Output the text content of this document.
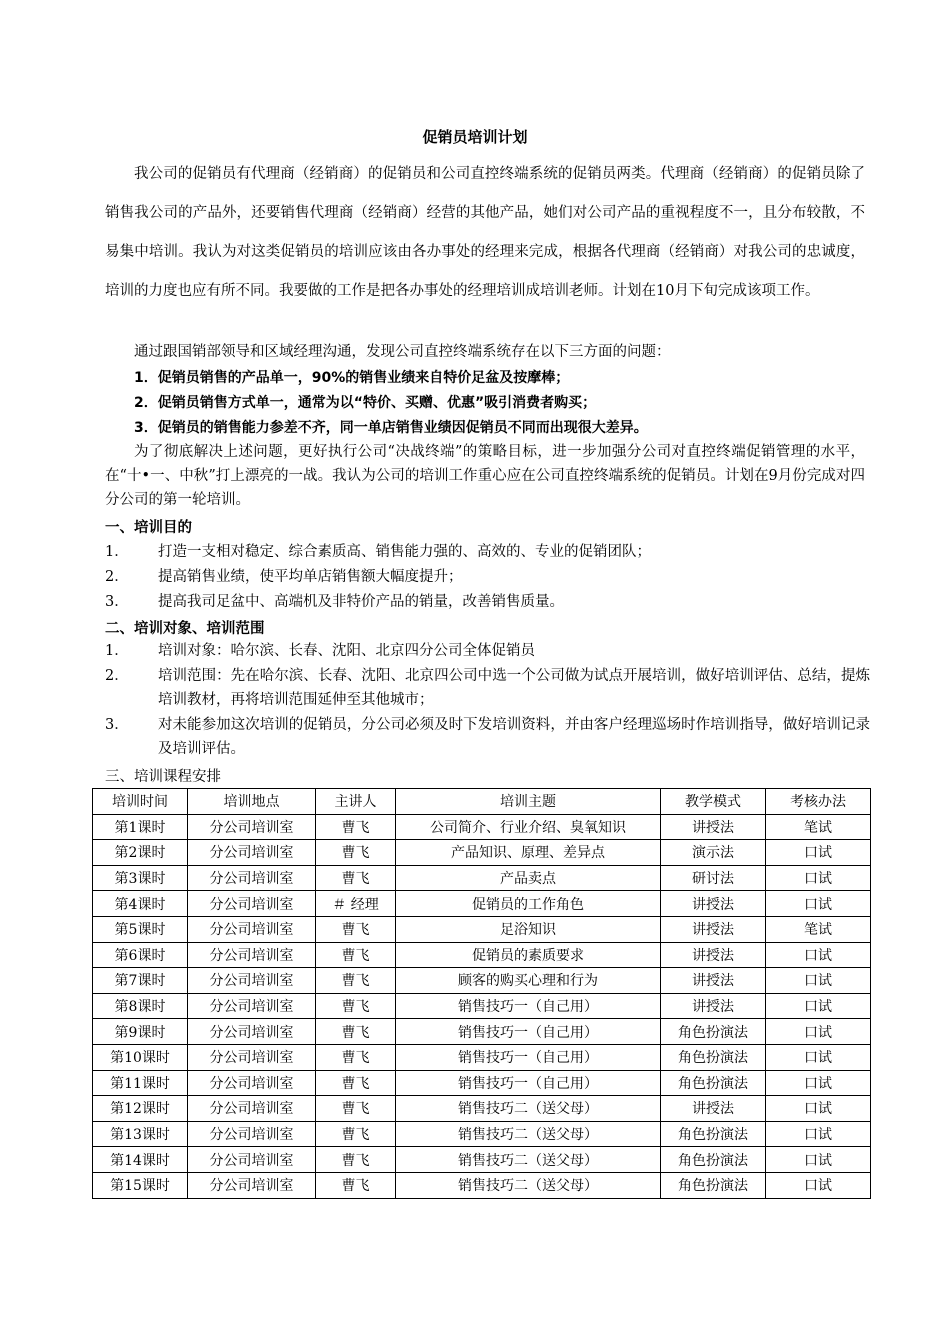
促销员培训计划
我公司的促销员有代理商（经销商）的促销员和公司直控终端系统的促销员两类。代理商（经销商）的促销员除了销售我公司的产品外，还要销售代理商（经销商）经营的其他产品，她们对公司产品的重视程度不一，且分布较散，不易集中培训。我认为对这类促销员的培训应该由各办事处的经理来完成，根据各代理商（经销商）对我公司的忠诚度，培训的力度也应有所不同。我要做的工作是把各办事处的经理培训成培训老师。计划在10月下旬完成该项工作。
通过跟国销部领导和区域经理沟通，发现公司直控终端系统存在以下三方面的问题：
1．促销员销售的产品单一，90%的销售业绩来自特价足盆及按摩棒；
2．促销员销售方式单一，通常为以“特价、买赠、优惠”吸引消费者购买；
3．促销员的销售能力参差不齐，同一单店销售业绩因促销员不同而出现很大差异。
为了彻底解决上述问题，更好执行公司“决战终端”的策略目标，进一步加强分公司对直控终端促销管理的水平，在“十•一、中秋”打上漂亮的一战。我认为公司的培训工作重心应在公司直控终端系统的促销员。计划在9月份完成对四分公司的第一轮培训。
一、培训目的
1． 打造一支相对稳定、综合素质高、销售能力强的、高效的、专业的促销团队；
2． 提高销售业绩，使平均单店销售额大幅度提升；
3． 提高我司足盆中、高端机及非特价产品的销量，改善销售质量。
二、培训对象、培训范围
1． 培训对象：哈尔滨、长春、沈阳、北京四分公司全体促销员
2． 培训范围：先在哈尔滨、长春、沈阳、北京四公司中选一个公司做为试点开展培训，做好培训评估、总结，提炼培训教材，再将培训范围延伸至其他城市；
3． 对未能参加这次培训的促销员，分公司必须及时下发培训资料，并由客户经理巡场时作培训指导，做好培训记录及培训评估。
三、培训课程安排
培训时间	培训地点	主讲人	培训主题	教学模式	考核办法
第1课时	分公司培训室	曹飞	公司简介、行业介绍、臭氧知识	讲授法	笔试
第2课时	分公司培训室	曹飞	产品知识、原理、差异点	演示法	口试
第3课时	分公司培训室	曹飞	产品卖点	研讨法	口试
第4课时	分公司培训室	＃ 经理	促销员的工作角色	讲授法	口试
第5课时	分公司培训室	曹飞	足浴知识	讲授法	笔试
第6课时	分公司培训室	曹飞	促销员的素质要求	讲授法	口试
第7课时	分公司培训室	曹飞	顾客的购买心理和行为	讲授法	口试
第8课时	分公司培训室	曹飞	销售技巧一（自己用）	讲授法	口试
第9课时	分公司培训室	曹飞	销售技巧一（自己用）	角色扮演法	口试
第10课时	分公司培训室	曹飞	销售技巧一（自己用）	角色扮演法	口试
第11课时	分公司培训室	曹飞	销售技巧一（自己用）	角色扮演法	口试
第12课时	分公司培训室	曹飞	销售技巧二（送父母）	讲授法	口试
第13课时	分公司培训室	曹飞	销售技巧二（送父母）	角色扮演法	口试
第14课时	分公司培训室	曹飞	销售技巧二（送父母）	角色扮演法	口试
第15课时	分公司培训室	曹飞	销售技巧二（送父母）	角色扮演法	口试
